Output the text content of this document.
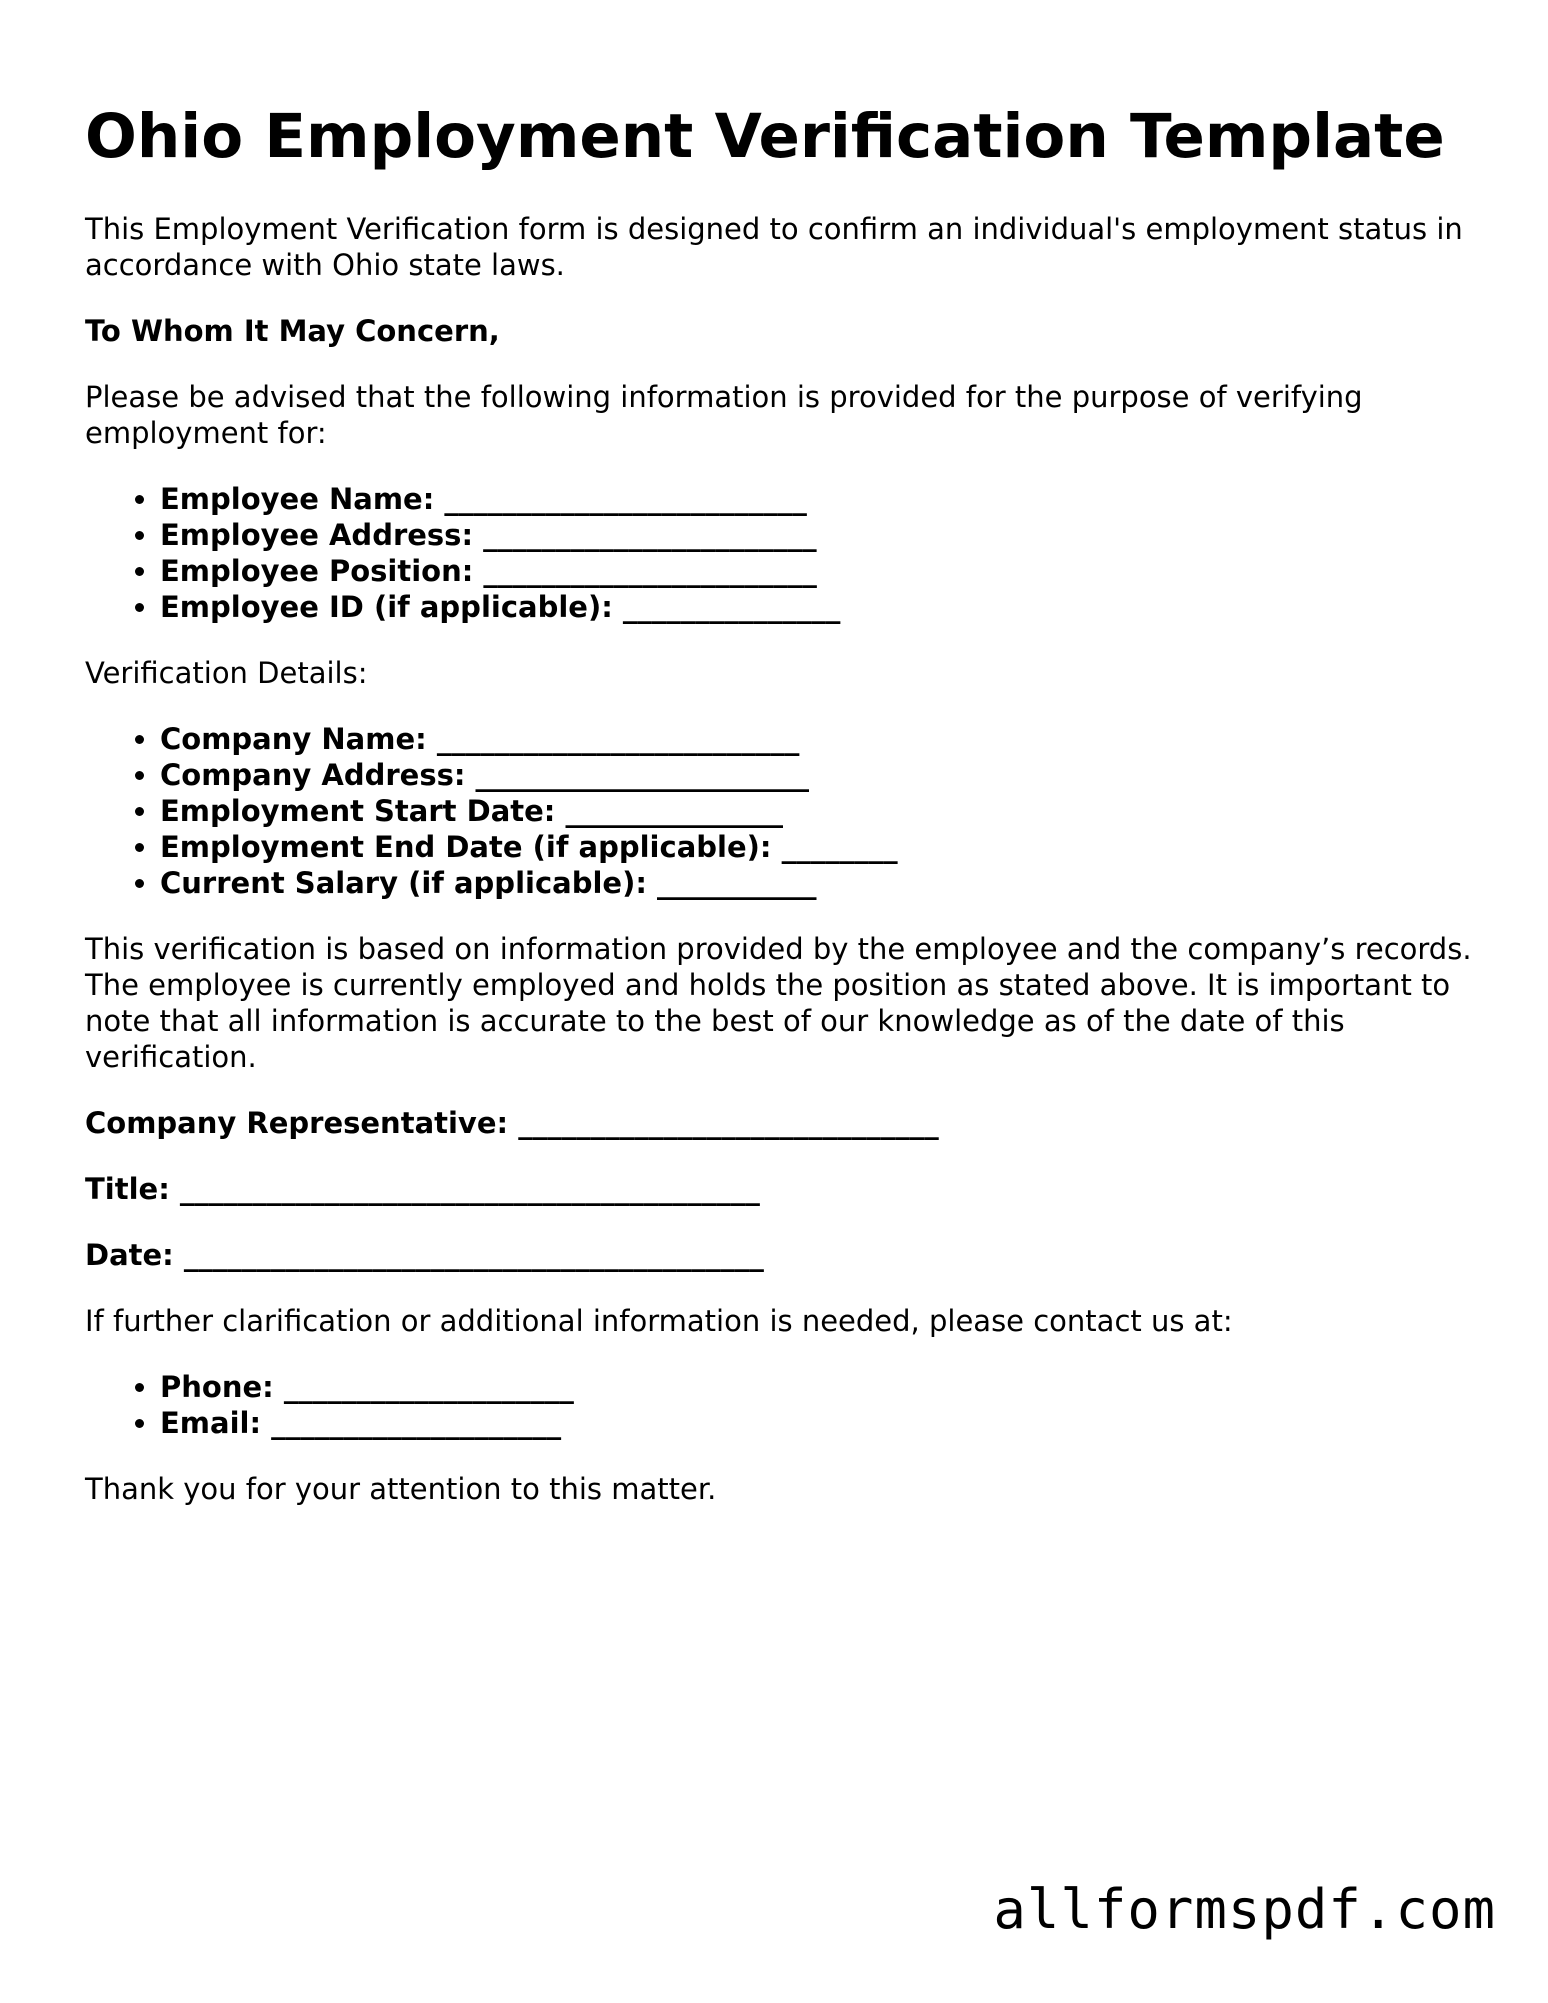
Ohio Employment Verification Template

This Employment Verification form is designed to confirm an individual's employment status in accordance with Ohio state laws.

To Whom It May Concern,

Please be advised that the following information is provided for the purpose of verifying employment for:

• Employee Name: _________________________
• Employee Address: _______________________
• Employee Position: _______________________
• Employee ID (if applicable): _______________

Verification Details:

• Company Name: _________________________
• Company Address: _______________________
• Employment Start Date: _______________
• Employment End Date (if applicable): ________
• Current Salary (if applicable): ___________

This verification is based on information provided by the employee and the company’s records. The employee is currently employed and holds the position as stated above. It is important to note that all information is accurate to the best of our knowledge as of the date of this verification.

Company Representative: _____________________________

Title: ________________________________________

Date: ________________________________________

If further clarification or additional information is needed, please contact us at:

• Phone: ____________________
• Email: ____________________

Thank you for your attention to this matter.

allformspdf.com
